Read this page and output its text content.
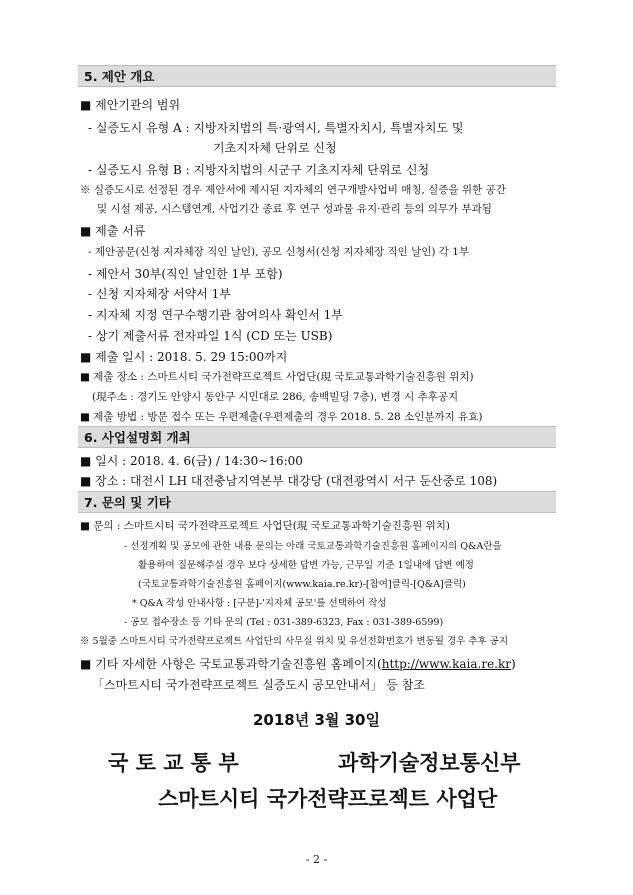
5. 제안 개요
■ 제안기관의 범위
- 실증도시 유형 A : 지방자치법의 특·광역시, 특별자치시, 특별자치도 및
기초지자체 단위로 신청
- 실증도시 유형 B : 지방자치법의 시군구 기초지자체 단위로 신청
※ 실증도시로 선정된 경우 제안서에 제시된 지자체의 연구개발사업비 매칭, 실증을 위한 공간
및 시설 제공, 시스템연계, 사업기간 종료 후 연구 성과물 유지·관리 등의 의무가 부과됨
■ 제출 서류
- 제안공문(신청 지자체장 직인 날인), 공모 신청서(신청 지자체장 직인 날인) 각 1부
- 제안서 30부(직인 날인한 1부 포함)
- 신청 지자체장 서약서 1부
- 지자체 지정 연구수행기관 참여의사 확인서 1부
- 상기 제출서류 전자파일 1식 (CD 또는 USB)
■ 제출 일시 : 2018. 5. 29 15:00까지
■ 제출 장소 : 스마트시티 국가전략프로젝트 사업단(現 국토교통과학기술진흥원 위치)
(現주소 : 경기도 안양시 동안구 시민대로 286, 송백빌딩 7층), 변경 시 추후공지
■ 제출 방법 : 방문 접수 또는 우편제출(우편제출의 경우 2018. 5. 28 소인분까지 유효)
6. 사업설명회 개최
■ 일시 : 2018. 4. 6(금) / 14:30~16:00
■ 장소 : 대전시 LH 대전충남지역본부 대강당 (대전광역시 서구 둔산중로 108)
7. 문의 및 기타
■ 문의 : 스마트시티 국가전략프로젝트 사업단(現 국토교통과학기술진흥원 위치)
- 선정계획 및 공모에 관한 내용 문의는 아래 국토교통과학기술진흥원 홈페이지의 Q&A란을
활용하여 질문해주실 경우 보다 상세한 답변 가능, 근무일 기준 1일내에 답변 예정
(국토교통과학기술진흥원 홈페이지(www.kaia.re.kr)-[참여]클릭-[Q&A]클릭)
* Q&A 작성 안내사항 : [구분]-'지자체 공모'를 선택하여 작성
- 공모 접수장소 등 기타 문의 (Tel : 031-389-6323, Fax : 031-389-6599)
※ 5월중 스마트시티 국가전략프로젝트 사업단의 사무실 위치 및 유선전화번호가 변동될 경우 추후 공지
■ 기타 자세한 사항은 국토교통과학기술진흥원 홈페이지(http://www.kaia.re.kr)
「스마트시티 국가전략프로젝트 실증도시 공모안내서」 등 참조
2018년 3월 30일
국 토 교 통 부	과학기술정보통신부
스마트시티 국가전략프로젝트 사업단
- 2 -
